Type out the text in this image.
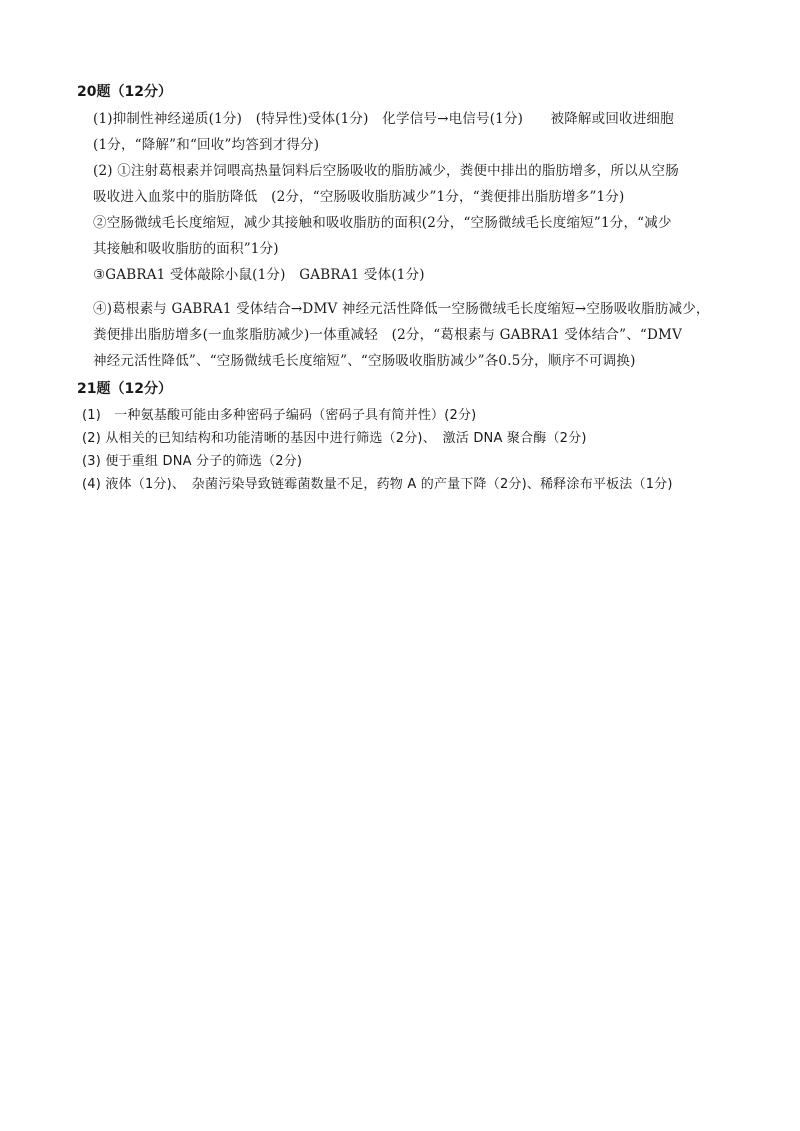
20题（12分）
(1)抑制性神经递质(1分)　(特异性)受体(1分)　化学信号→电信号(1分)　　被降解或回收进细胞
(1分，“降解”和“回收”均答到才得分)
(2) ①注射葛根素并饲喂高热量饲料后空肠吸收的脂肪减少，粪便中排出的脂肪增多，所以从空肠
吸收进入血浆中的脂肪降低　(2分，“空肠吸收脂肪减少”1分，“粪便排出脂肪增多”1分)
②空肠微绒毛长度缩短，减少其接触和吸收脂肪的面积(2分，“空肠微绒毛长度缩短”1分，“减少
其接触和吸收脂肪的面积”1分)
③GABRA1 受体敲除小鼠(1分)　GABRA1 受体(1分)
④)葛根素与 GABRA1 受体结合→DMV 神经元活性降低一空肠微绒毛长度缩短→空肠吸收脂肪减少，
粪便排出脂肪增多(一血浆脂肪减少)一体重减轻　(2分，“葛根素与 GABRA1 受体结合”、“DMV
神经元活性降低”、“空肠微绒毛长度缩短”、“空肠吸收脂肪减少”各0.5分，顺序不可调换)
21题（12分）
(1)　一种氨基酸可能由多种密码子编码（密码子具有简并性）(2分)
(2) 从相关的已知结构和功能清晰的基因中进行筛选（2分)、　激活 DNA 聚合酶（2分)
(3) 便于重组 DNA 分子的筛选（2分)
(4) 液体（1分)、　杂菌污染导致链霉菌数量不足，药物 A 的产量下降（2分)、稀释涂布平板法（1分)
